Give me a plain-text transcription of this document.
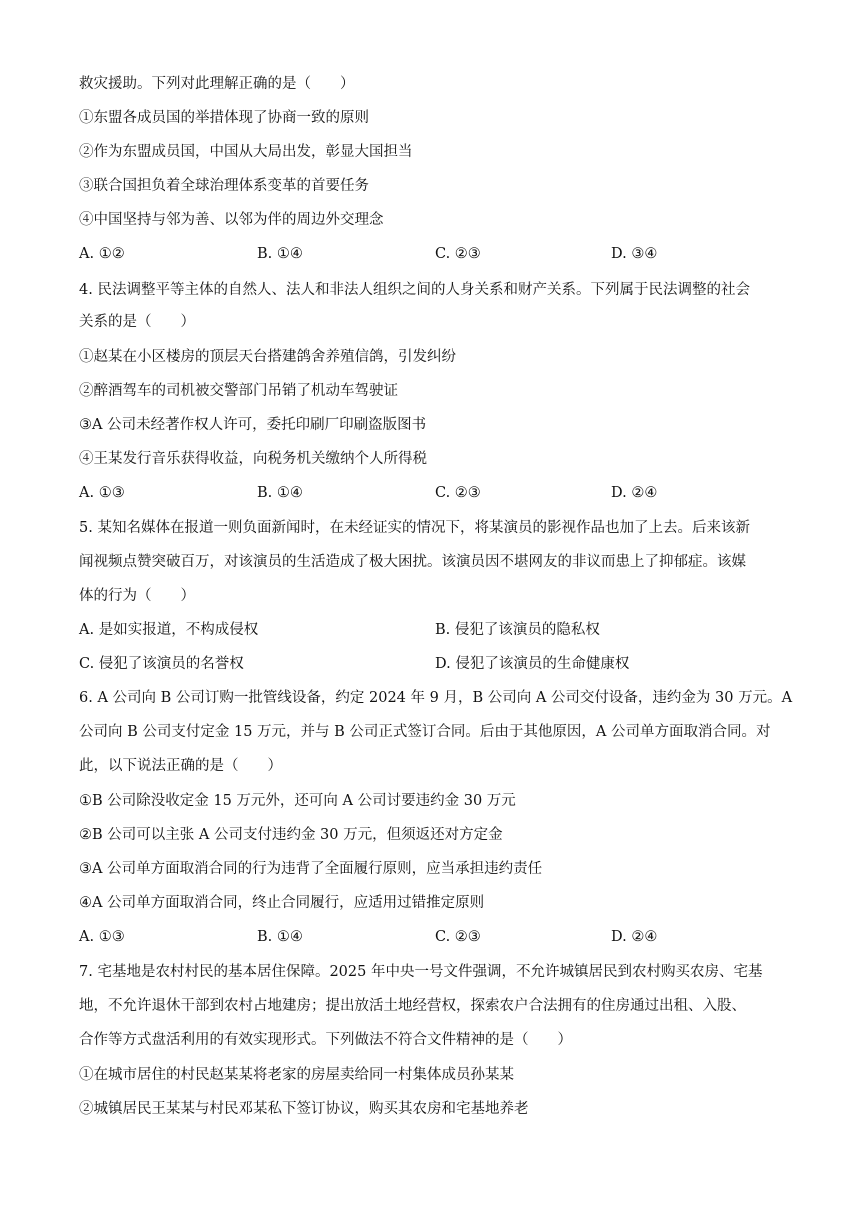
救灾援助。下列对此理解正确的是（　　）
①东盟各成员国的举措体现了协商一致的原则
②作为东盟成员国，中国从大局出发，彰显大国担当
③联合国担负着全球治理体系变革的首要任务
④中国坚持与邻为善、以邻为伴的周边外交理念
A. ①②	B. ①④	C. ②③	D. ③④
4. 民法调整平等主体的自然人、法人和非法人组织之间的人身关系和财产关系。下列属于民法调整的社会
关系的是（　　）
①赵某在小区楼房的顶层天台搭建鸽舍养殖信鸽，引发纠纷
②醉酒驾车的司机被交警部门吊销了机动车驾驶证
③A 公司未经著作权人许可，委托印刷厂印刷盗版图书
④王某发行音乐获得收益，向税务机关缴纳个人所得税
A. ①③	B. ①④	C. ②③	D. ②④
5. 某知名媒体在报道一则负面新闻时，在未经证实的情况下，将某演员的影视作品也加了上去。后来该新
闻视频点赞突破百万，对该演员的生活造成了极大困扰。该演员因不堪网友的非议而患上了抑郁症。该媒
体的行为（　　）
A. 是如实报道，不构成侵权	B. 侵犯了该演员的隐私权
C. 侵犯了该演员的名誉权	D. 侵犯了该演员的生命健康权
6. A 公司向 B 公司订购一批管线设备，约定 2024 年 9 月，B 公司向 A 公司交付设备，违约金为 30 万元。A
公司向 B 公司支付定金 15 万元，并与 B 公司正式签订合同。后由于其他原因，A 公司单方面取消合同。对
此，以下说法正确的是（　　）
①B 公司除没收定金 15 万元外，还可向 A 公司讨要违约金 30 万元
②B 公司可以主张 A 公司支付违约金 30 万元，但须返还对方定金
③A 公司单方面取消合同的行为违背了全面履行原则，应当承担违约责任
④A 公司单方面取消合同，终止合同履行，应适用过错推定原则
A. ①③	B. ①④	C. ②③	D. ②④
7. 宅基地是农村村民的基本居住保障。2025 年中央一号文件强调，不允许城镇居民到农村购买农房、宅基
地，不允许退休干部到农村占地建房；提出放活土地经营权，探索农户合法拥有的住房通过出租、入股、
合作等方式盘活利用的有效实现形式。下列做法不符合文件精神的是（　　）
①在城市居住的村民赵某某将老家的房屋卖给同一村集体成员孙某某
②城镇居民王某某与村民邓某私下签订协议，购买其农房和宅基地养老
